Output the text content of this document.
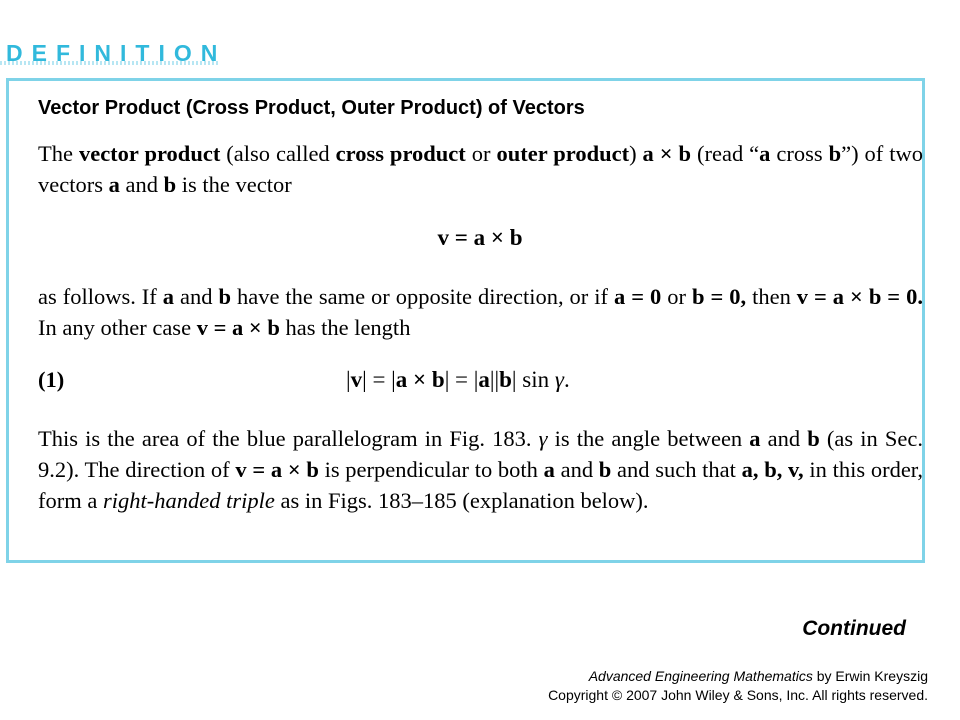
DEFINITION
Vector Product (Cross Product, Outer Product) of Vectors
The vector product (also called cross product or outer product) a × b (read “a cross b”) of two vectors a and b is the vector
v = a × b
as follows. If a and b have the same or opposite direction, or if a = 0 or b = 0, then v = a × b = 0. In any other case v = a × b has the length
(1)	|v| = |a × b| = |a||b| sin γ.
This is the area of the blue parallelogram in Fig. 183. γ is the angle between a and b (as in Sec. 9.2). The direction of v = a × b is perpendicular to both a and b and such that a, b, v, in this order, form a right-handed triple as in Figs. 183–185 (explanation below).
Continued
Advanced Engineering Mathematics by Erwin Kreyszig
Copyright © 2007 John Wiley & Sons, Inc. All rights reserved.
